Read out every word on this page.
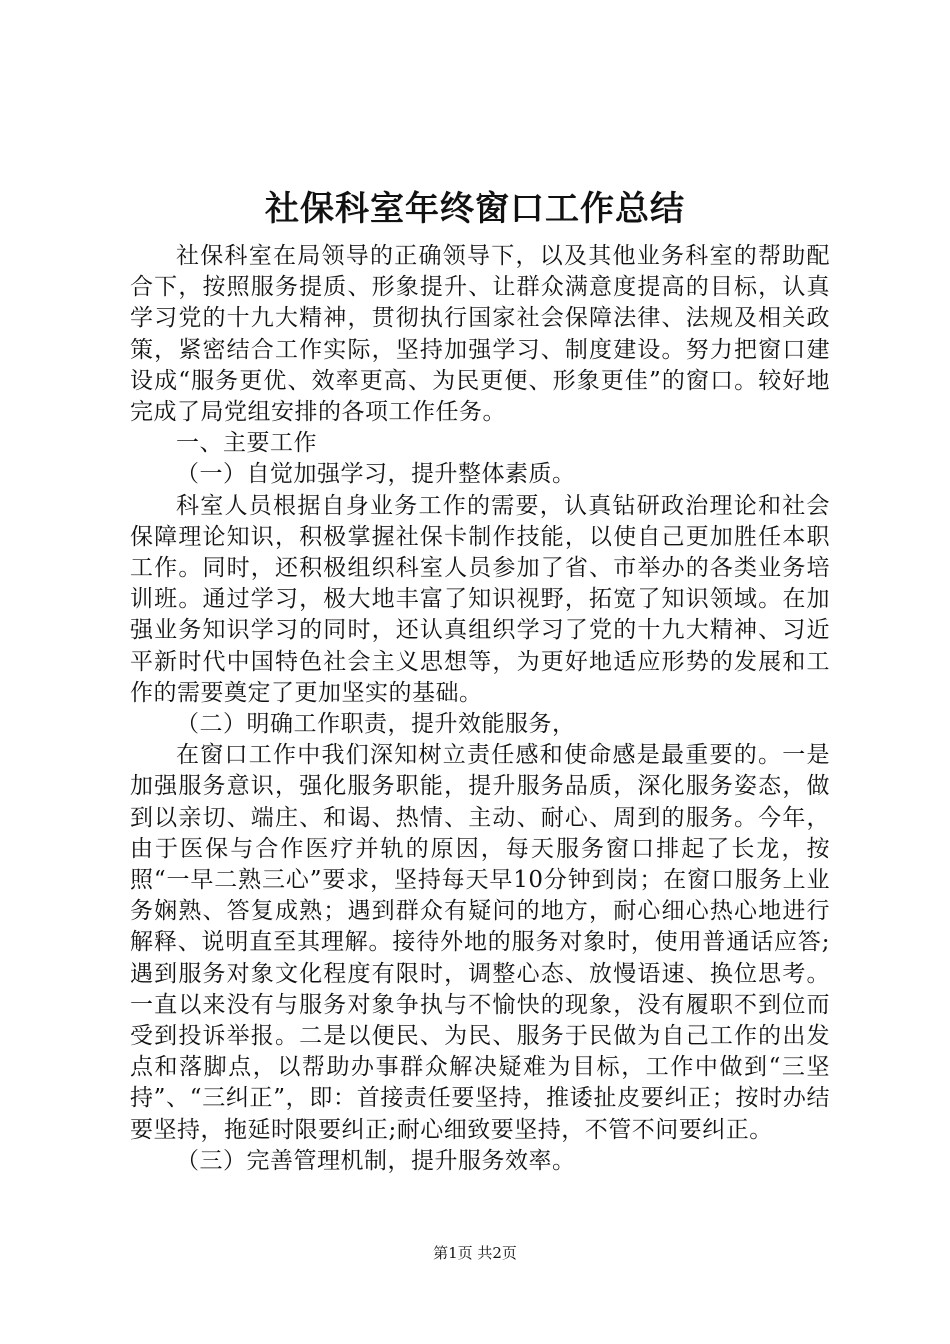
社保科室年终窗口工作总结

社保科室在局领导的正确领导下，以及其他业务科室的帮助配合下，按照服务提质、形象提升、让群众满意度提高的目标，认真学习党的十九大精神，贯彻执行国家社会保障法律、法规及相关政策，紧密结合工作实际，坚持加强学习、制度建设。努力把窗口建设成“服务更优、效率更高、为民更便、形象更佳”的窗口。较好地完成了局党组安排的各项工作任务。

一、主要工作

（一）自觉加强学习，提升整体素质。

科室人员根据自身业务工作的需要，认真钻研政治理论和社会保障理论知识，积极掌握社保卡制作技能，以使自己更加胜任本职工作。同时，还积极组织科室人员参加了省、市举办的各类业务培训班。通过学习，极大地丰富了知识视野，拓宽了知识领域。在加强业务知识学习的同时，还认真组织学习了党的十九大精神、习近平新时代中国特色社会主义思想等，为更好地适应形势的发展和工作的需要奠定了更加坚实的基础。

（二）明确工作职责，提升效能服务，

在窗口工作中我们深知树立责任感和使命感是最重要的。一是加强服务意识，强化服务职能，提升服务品质，深化服务姿态，做到以亲切、端庄、和谒、热情、主动、耐心、周到的服务。今年，由于医保与合作医疗并轨的原因，每天服务窗口排起了长龙，按照“一早二熟三心”要求，坚持每天早10分钟到岗；在窗口服务上业务娴熟、答复成熟；遇到群众有疑问的地方，耐心细心热心地进行解释、说明直至其理解。接待外地的服务对象时，使用普通话应答;遇到服务对象文化程度有限时，调整心态、放慢语速、换位思考。一直以来没有与服务对象争执与不愉快的现象，没有履职不到位而受到投诉举报。二是以便民、为民、服务于民做为自己工作的出发点和落脚点，以帮助办事群众解决疑难为目标，工作中做到“三坚持”、“三纠正”，即：首接责任要坚持，推诿扯皮要纠正；按时办结要坚持，拖延时限要纠正;耐心细致要坚持，不管不问要纠正。

（三）完善管理机制，提升服务效率。

第1页 共2页
